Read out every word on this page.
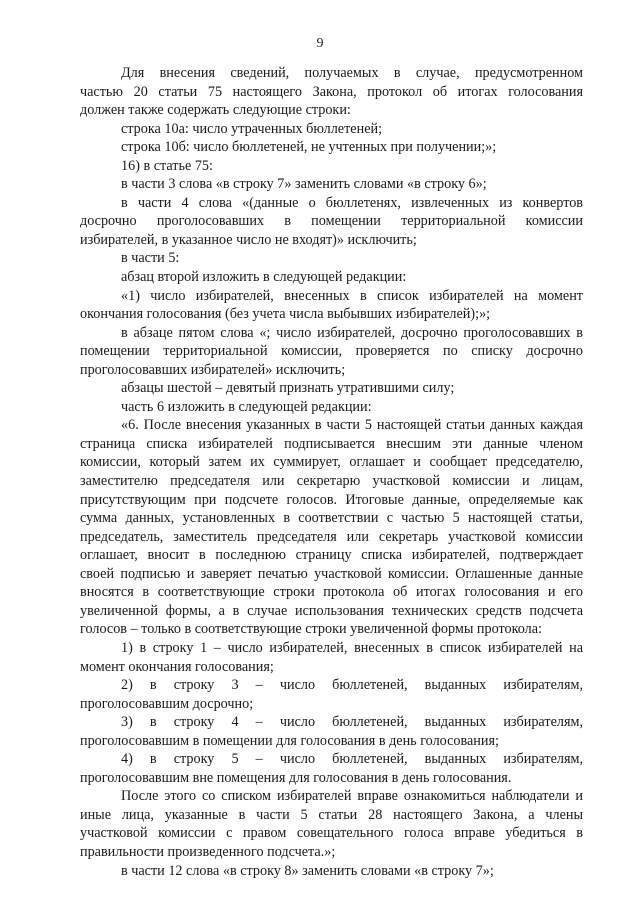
9
Для внесения сведений, получаемых в случае, предусмотренном
частью 20 статьи 75 настоящего Закона, протокол об итогах голосования
должен также содержать следующие строки:
строка 10а: число утраченных бюллетеней;
строка 10б: число бюллетеней, не учтенных при получении;»;
16) в статье 75:
в части 3 слова «в строку 7» заменить словами «в строку 6»;
в части 4 слова «(данные о бюллетенях, извлеченных из конвертов
досрочно проголосовавших в помещении территориальной комиссии
избирателей, в указанное число не входят)» исключить;
в части 5:
абзац второй изложить в следующей редакции:
«1) число избирателей, внесенных в список избирателей на момент
окончания голосования (без учета числа выбывших избирателей);»;
в абзаце пятом слова «; число избирателей, досрочно проголосовавших в
помещении территориальной комиссии, проверяется по списку досрочно
проголосовавших избирателей» исключить;
абзацы шестой – девятый признать утратившими силу;
часть 6 изложить в следующей редакции:
«6. После внесения указанных в части 5 настоящей статьи данных каждая
страница списка избирателей подписывается внесшим эти данные членом
комиссии, который затем их суммирует, оглашает и сообщает председателю,
заместителю председателя или секретарю участковой комиссии и лицам,
присутствующим при подсчете голосов. Итоговые данные, определяемые как
сумма данных, установленных в соответствии с частью 5 настоящей статьи,
председатель, заместитель председателя или секретарь участковой комиссии
оглашает, вносит в последнюю страницу списка избирателей, подтверждает
своей подписью и заверяет печатью участковой комиссии. Оглашенные данные
вносятся в соответствующие строки протокола об итогах голосования и его
увеличенной формы, а в случае использования технических средств подсчета
голосов – только в соответствующие строки увеличенной формы протокола:
1) в строку 1 – число избирателей, внесенных в список избирателей на
момент окончания голосования;
2) в строку 3 – число бюллетеней, выданных избирателям,
проголосовавшим досрочно;
3) в строку 4 – число бюллетеней, выданных избирателям,
проголосовавшим в помещении для голосования в день голосования;
4) в строку 5 – число бюллетеней, выданных избирателям,
проголосовавшим вне помещения для голосования в день голосования.
После этого со списком избирателей вправе ознакомиться наблюдатели и
иные лица, указанные в части 5 статьи 28 настоящего Закона, а члены
участковой комиссии с правом совещательного голоса вправе убедиться в
правильности произведенного подсчета.»;
в части 12 слова «в строку 8» заменить словами «в строку 7»;
